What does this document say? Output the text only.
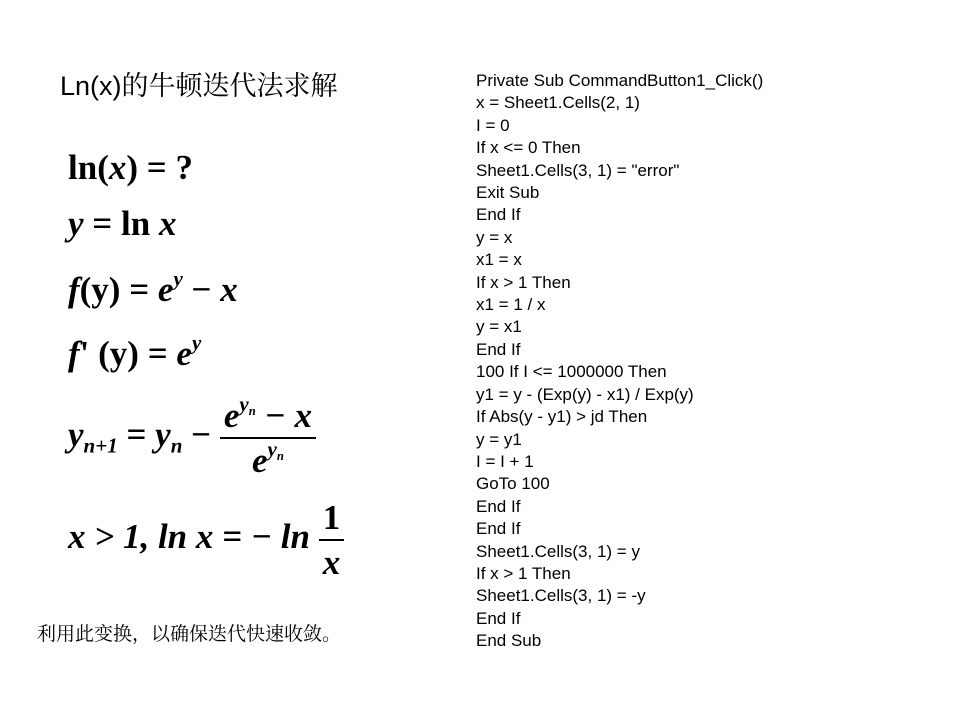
Ln(x)的牛顿迭代法求解
ln(x) = ?
y = ln x
$f(y) = e^y - x$
f' $(y) = e^y$
$y_{n+1} = y_n - \frac{e^{y_n} - x}{e^{y_n}}$
x > 1, ln x = − $\ln \frac{1}{x}$
利用此变换，以确保迭代快速收敛。
Private Sub CommandButton1_Click()
x = Sheet1.Cells(2, 1)
I = 0
If x <= 0 Then
Sheet1.Cells(3, 1) = "error"
Exit Sub
End If
y = x
x1 = x
If x > 1 Then
x1 = 1 / x
y = x1
End If
100 If I <= 1000000 Then
y1 = y - (Exp(y) - x1) / Exp(y)
If Abs(y - y1) > jd Then
y = y1
I = I + 1
GoTo 100
End If
End If
Sheet1.Cells(3, 1) = y
If x > 1 Then
Sheet1.Cells(3, 1) = -y
End If
End Sub
